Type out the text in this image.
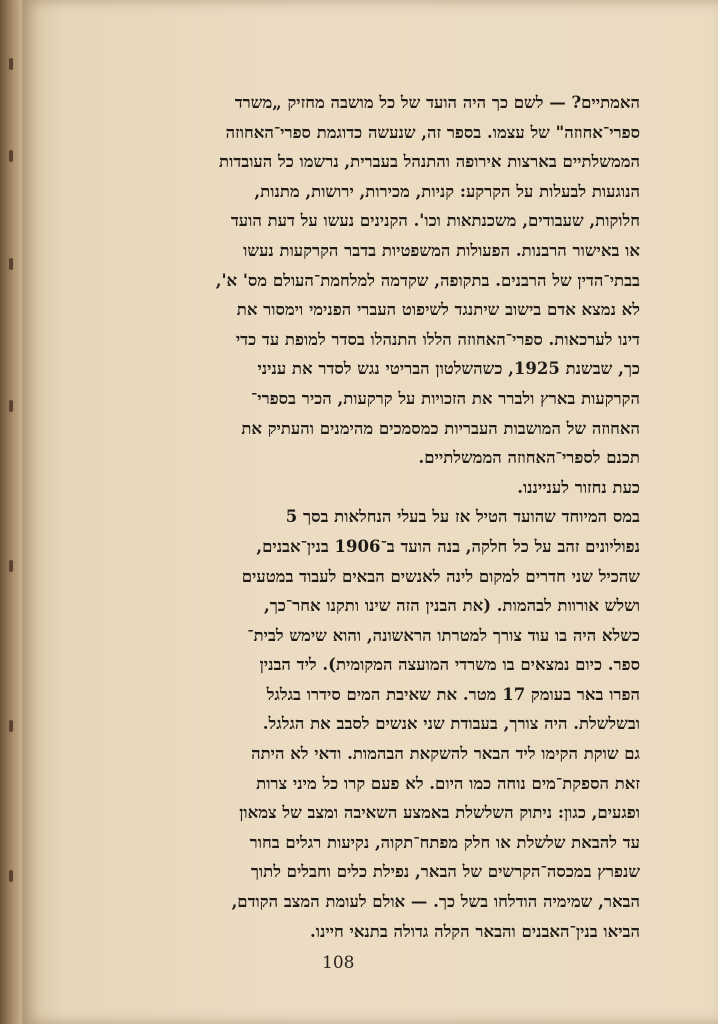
האמתיים? — לשם כך היה הועד של כל מושבה מחזיק „משרד
ספרי־אחוזה" של עצמו. בספר זה, שנעשה כדוגמת ספרי־האחוזה
הממשלתיים בארצות אירופה והתנהל בעברית, נרשמו כל העובדות
הנוגעות לבעלות על הקרקע: קניות, מכירות, ירושות, מתנות,
חלוקות, שעבודים, משכנתאות וכו'. הקנינים נעשו על דעת הועד
או באישור הרבנות. הפעולות המשפטיות בדבר הקרקעות נעשו
בבתי־הדין של הרבנים. בתקופה, שקדמה למלחמת־העולם מס' א',
לא נמצא אדם בישוב שיתנגד לשיפוט העברי הפנימי וימסור את
דינו לערכאות. ספרי־האחוזה הללו התנהלו בסדר למופת עד כדי
כך, שבשנת 1925, כשהשלטון הבריטי נגש לסדר את עניני
הקרקעות בארץ ולברר את הזכויות על קרקעות, הכיר בספרי־
האחוזה של המושבות העבריות כמסמכים מהימנים והעתיק את
תכנם לספרי־האחוזה הממשלתיים.
כעת נחזור לענייננו.
במס המיוחד שהועד הטיל אז על בעלי הנחלאות בסך 5
נפוליונים זהב על כל חלקה, בנה הועד ב־1906 בנין־אבנים,
שהכיל שני חדרים למקום לינה לאנשים הבאים לעבוד במטעים
ושלש אורוות לבהמות. (את הבנין הזה שינו ותקנו אחר־כך,
כשלא היה בו עוד צורך למטרתו הראשונה, והוא שימש לבית־
ספר. כיום נמצאים בו משרדי המועצה המקומית). ליד הבנין
הפרו באר בעומק 17 מטר. את שאיבת המים סידרו בגלגל
ובשלשלת. היה צורך, בעבודת שני אנשים לסבב את הגלגל.
גם שוקת הקימו ליד הבאר להשקאת הבהמות. ודאי לא היתה
זאת הספקת־מים נוחה כמו היום. לא פעם קרו כל מיני צרות
ופגעים, כגון: ניתוק השלשלת באמצע השאיבה ומצב של צמאון
עד להבאת שלשלת או חלק מפתח־תקוה, נקיעות רגלים בחור
שנפרץ במכסה־הקרשים של הבאר, נפילת כלים וחבלים לתוך
הבאר, שמימיה הודלחו בשל כך. — אולם לעומת המצב הקודם,
הביאו בנין־האבנים והבאר הקלה גדולה בתנאי חיינו.
108
